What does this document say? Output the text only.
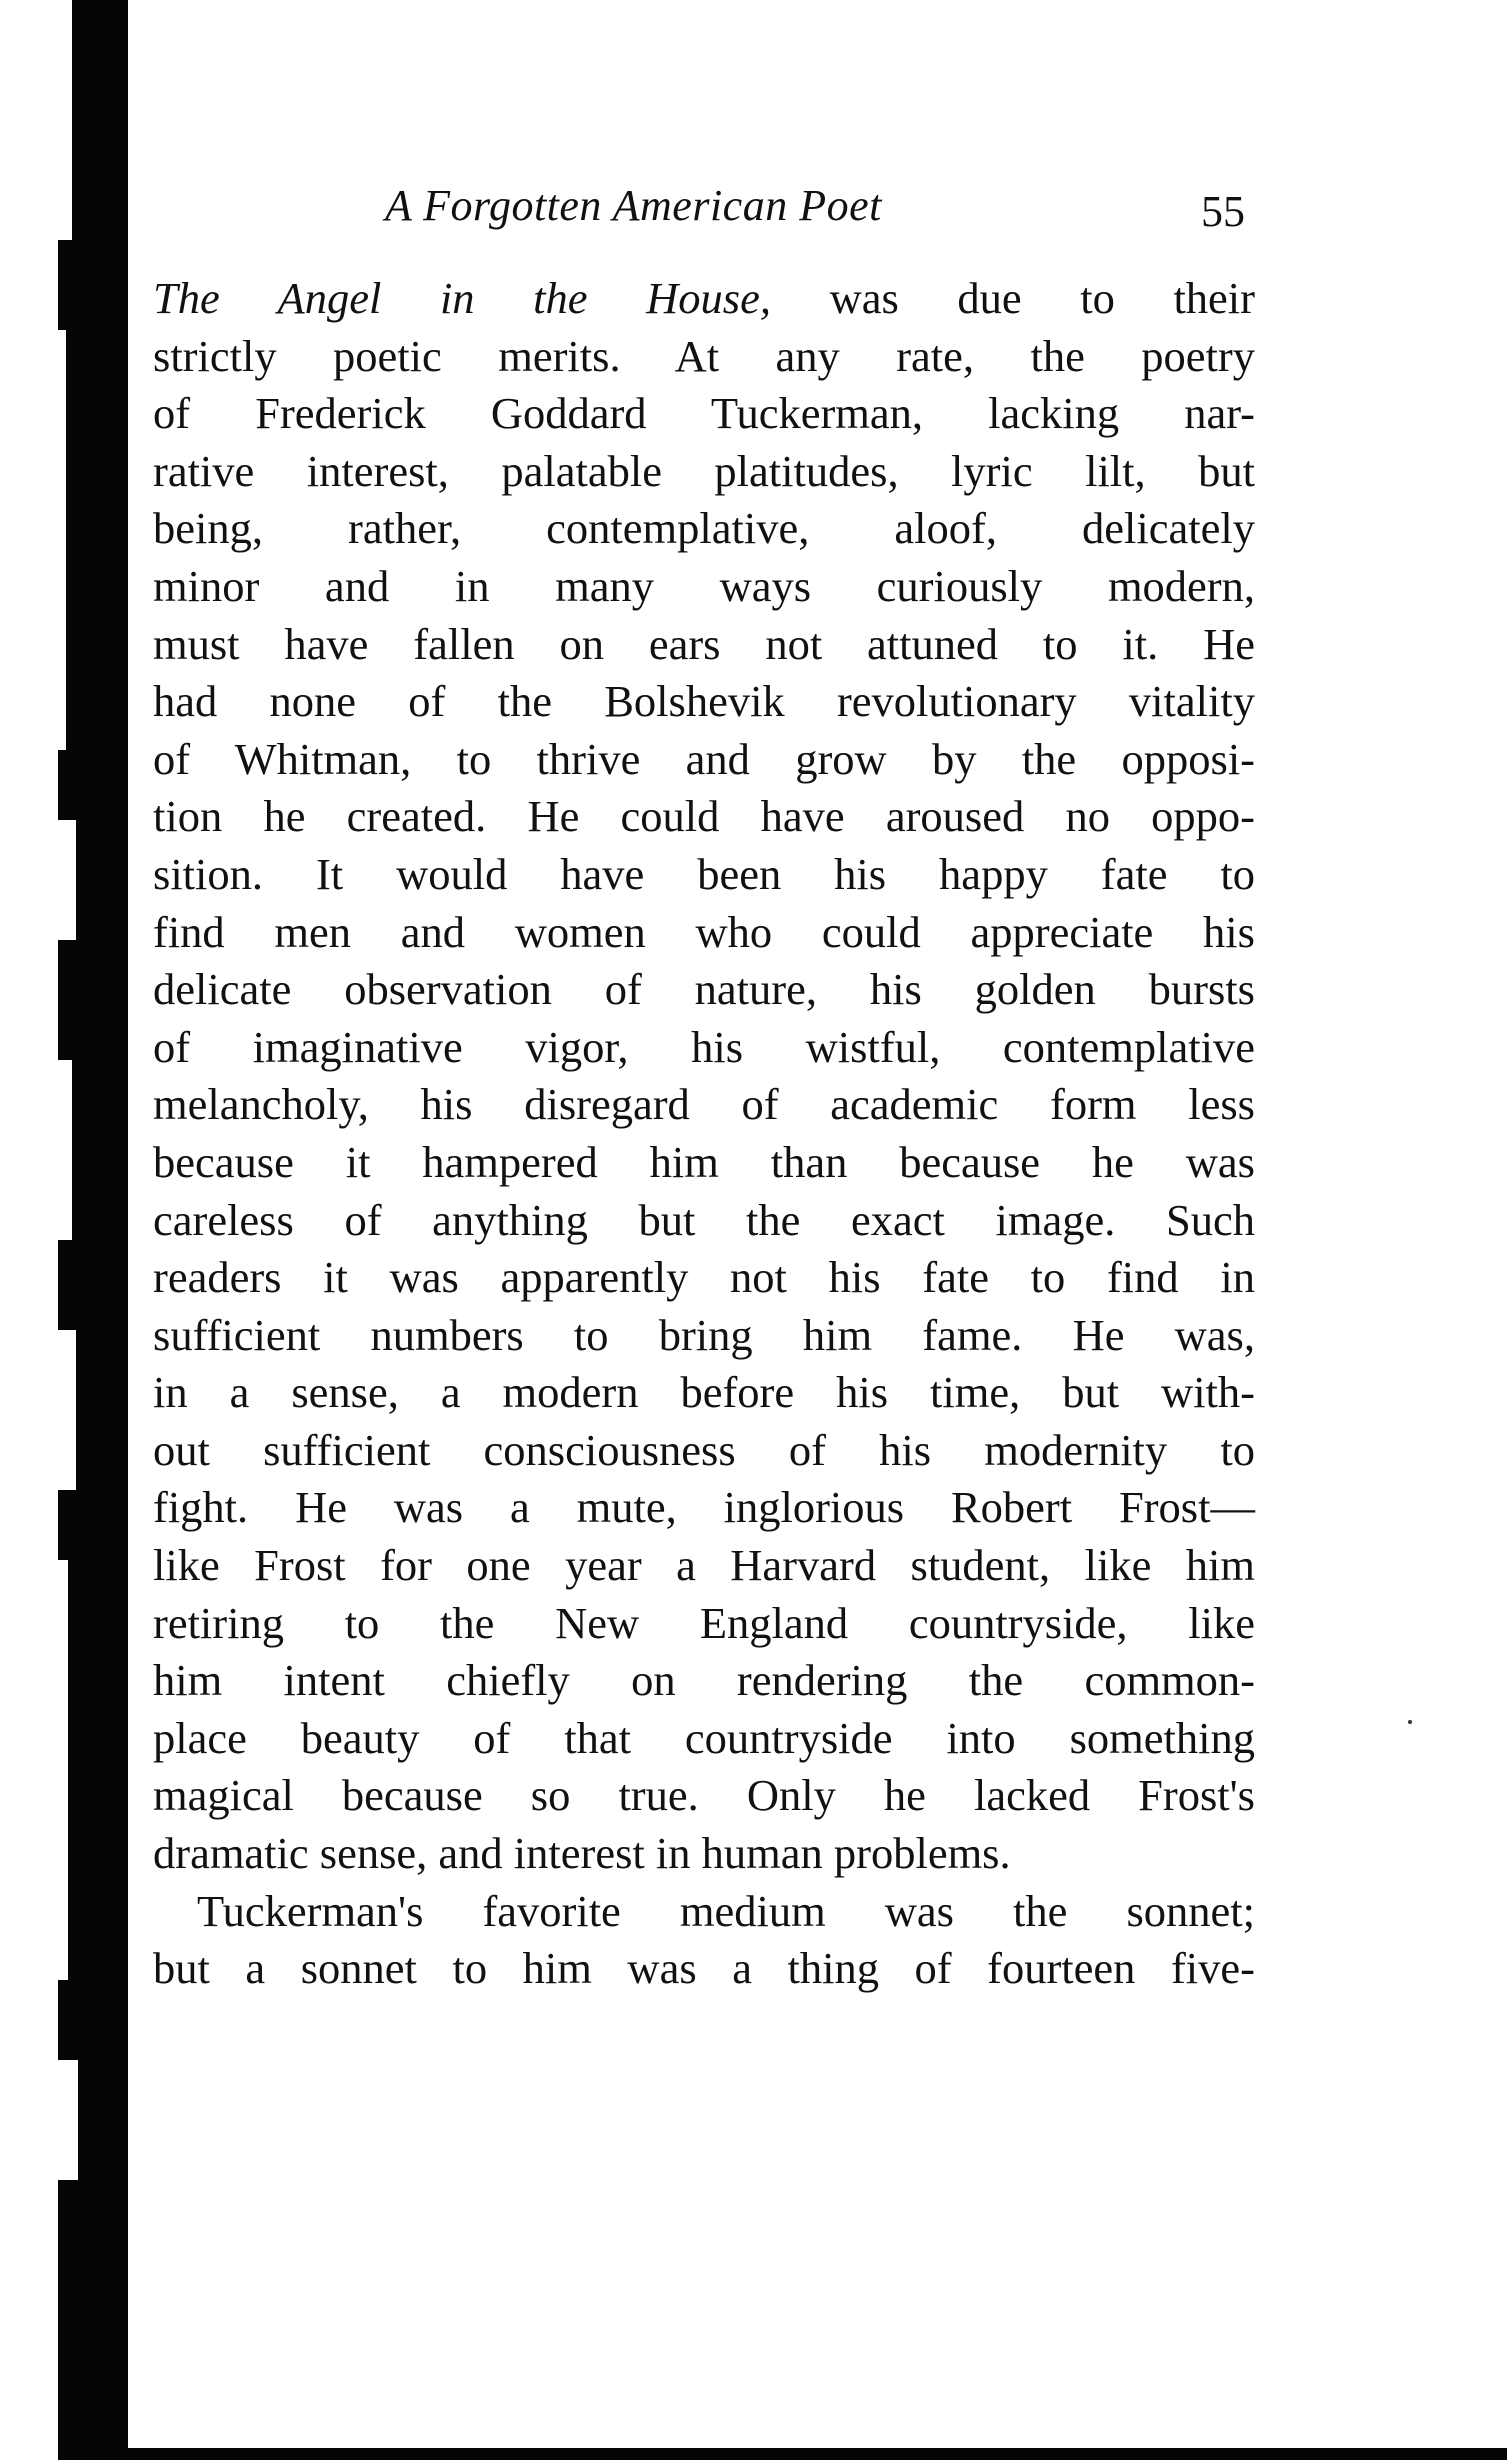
A Forgotten American Poet	55
The Angel in the House, was due to their
strictly poetic merits. At any rate, the poetry
of Frederick Goddard Tuckerman, lacking nar-
rative interest, palatable platitudes, lyric lilt, but
being, rather, contemplative, aloof, delicately
minor and in many ways curiously modern,
must have fallen on ears not attuned to it. He
had none of the Bolshevik revolutionary vitality
of Whitman, to thrive and grow by the opposi-
tion he created. He could have aroused no oppo-
sition. It would have been his happy fate to
find men and women who could appreciate his
delicate observation of nature, his golden bursts
of imaginative vigor, his wistful, contemplative
melancholy, his disregard of academic form less
because it hampered him than because he was
careless of anything but the exact image. Such
readers it was apparently not his fate to find in
sufficient numbers to bring him fame. He was,
in a sense, a modern before his time, but with-
out sufficient consciousness of his modernity to
fight. He was a mute, inglorious Robert Frost—
like Frost for one year a Harvard student, like him
retiring to the New England countryside, like
him intent chiefly on rendering the common-
place beauty of that countryside into something
magical because so true. Only he lacked Frost's
dramatic sense, and interest in human problems.
Tuckerman's favorite medium was the sonnet;
but a sonnet to him was a thing of fourteen five-
